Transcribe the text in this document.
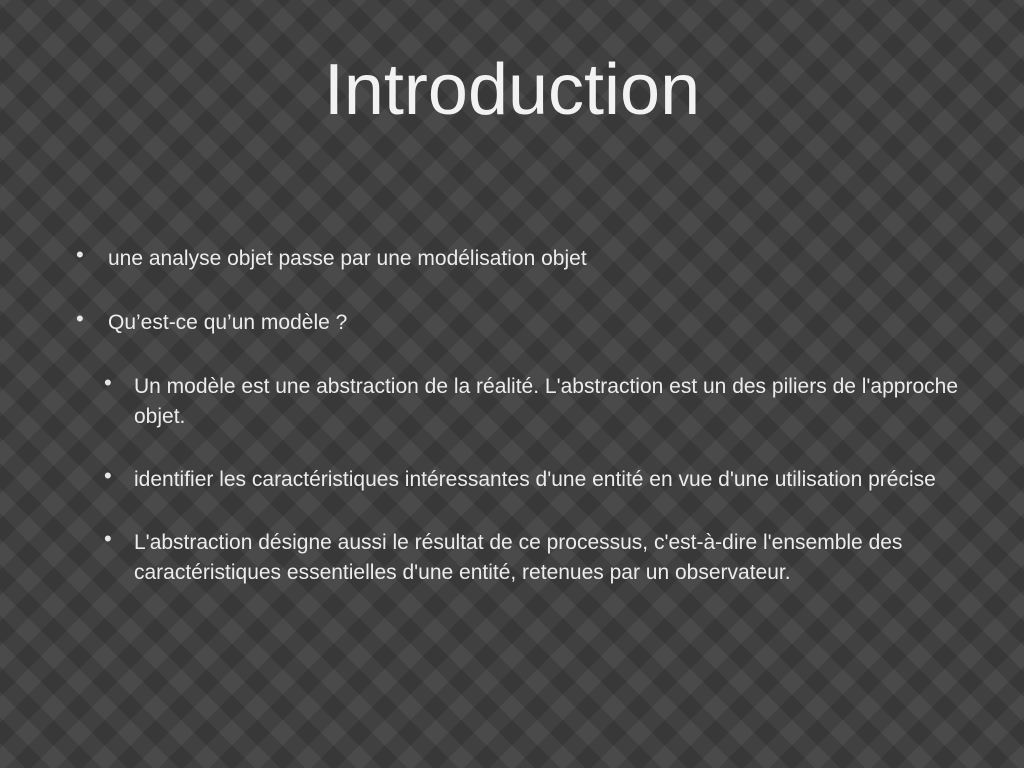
Introduction
• une analyse objet passe par une modélisation objet
• Qu’est-ce qu’un modèle ?
• Un modèle est une abstraction de la réalité. L'abstraction est un des piliers de l'approche objet.
• identifier les caractéristiques intéressantes d'une entité en vue d'une utilisation précise
• L'abstraction désigne aussi le résultat de ce processus, c'est-à-dire l'ensemble des caractéristiques essentielles d'une entité, retenues par un observateur.
